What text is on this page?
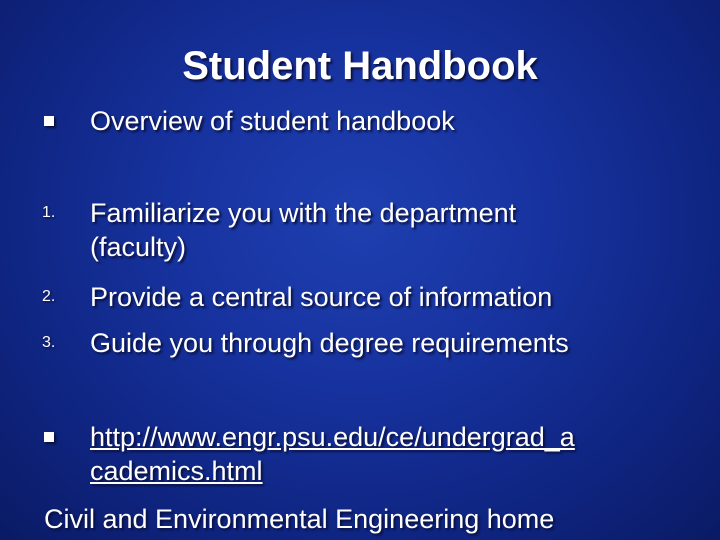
Student Handbook
Overview of student handbook
1. Familiarize you with the department (faculty)
2. Provide a central source of information
3. Guide you through degree requirements
http://www.engr.psu.edu/ce/undergrad_a
cademics.html
Civil and Environmental Engineering home
